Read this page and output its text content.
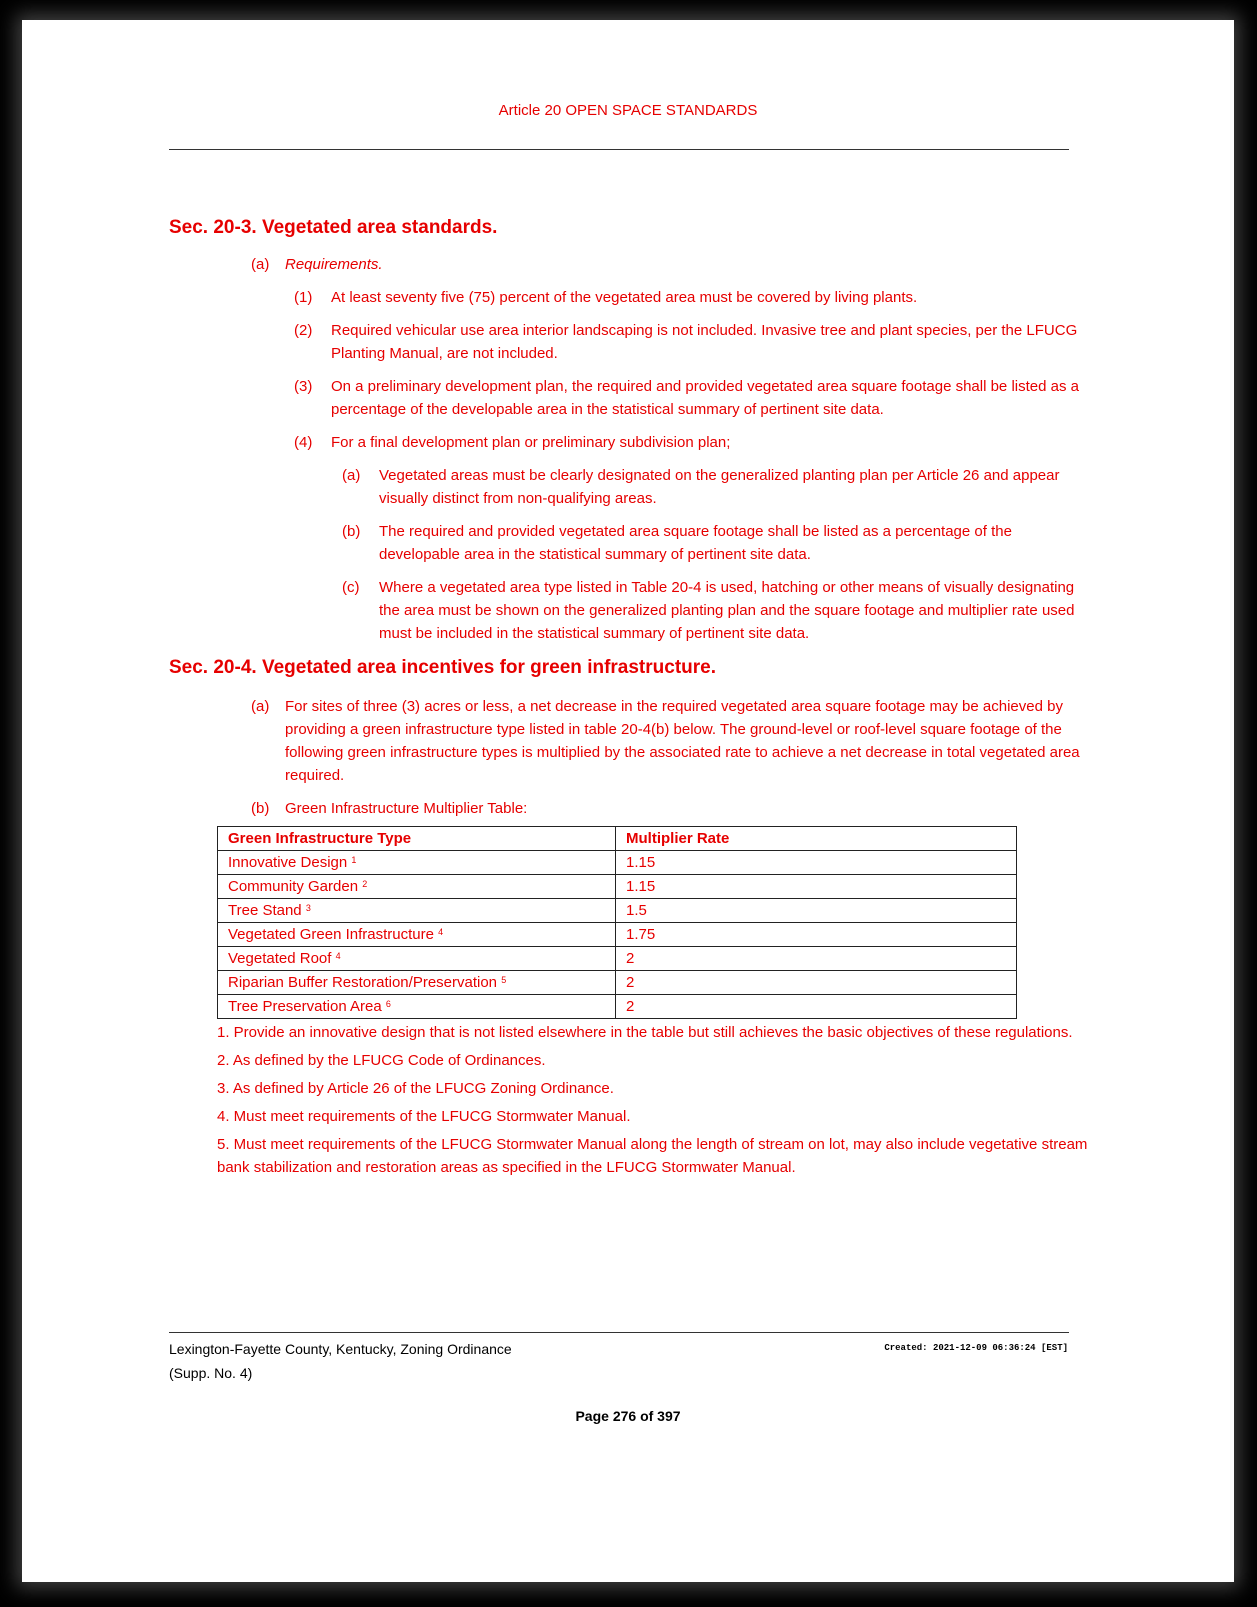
Article 20 OPEN SPACE STANDARDS
Sec. 20-3. Vegetated area standards.
(a) Requirements.
(1) At least seventy five (75) percent of the vegetated area must be covered by living plants.
(2) Required vehicular use area interior landscaping is not included. Invasive tree and plant species, per the LFUCG Planting Manual, are not included.
(3) On a preliminary development plan, the required and provided vegetated area square footage shall be listed as a percentage of the developable area in the statistical summary of pertinent site data.
(4) For a final development plan or preliminary subdivision plan;
(a) Vegetated areas must be clearly designated on the generalized planting plan per Article 26 and appear visually distinct from non-qualifying areas.
(b) The required and provided vegetated area square footage shall be listed as a percentage of the developable area in the statistical summary of pertinent site data.
(c) Where a vegetated area type listed in Table 20-4 is used, hatching or other means of visually designating the area must be shown on the generalized planting plan and the square footage and multiplier rate used must be included in the statistical summary of pertinent site data.
Sec. 20-4. Vegetated area incentives for green infrastructure.
(a) For sites of three (3) acres or less, a net decrease in the required vegetated area square footage may be achieved by providing a green infrastructure type listed in table 20-4(b) below. The ground-level or roof-level square footage of the following green infrastructure types is multiplied by the associated rate to achieve a net decrease in total vegetated area required.
(b) Green Infrastructure Multiplier Table:
Green Infrastructure Type	Multiplier Rate
Innovative Design $^1$	1.15
Community Garden $^2$	1.15
Tree Stand $^3$	1.5
Vegetated Green Infrastructure $^4$	1.75
Vegetated Roof $^4$	2
Riparian Buffer Restoration/Preservation $^5$	2
Tree Preservation Area $^6$	2
1. Provide an innovative design that is not listed elsewhere in the table but still achieves the basic objectives of these regulations.
2. As defined by the LFUCG Code of Ordinances.
3. As defined by Article 26 of the LFUCG Zoning Ordinance.
4. Must meet requirements of the LFUCG Stormwater Manual.
5. Must meet requirements of the LFUCG Stormwater Manual along the length of stream on lot, may also include vegetative stream bank stabilization and restoration areas as specified in the LFUCG Stormwater Manual.
Lexington-Fayette County, Kentucky, Zoning Ordinance
(Supp. No. 4)
Created: 2021-12-09 06:36:24 [EST]
Page 276 of 397
